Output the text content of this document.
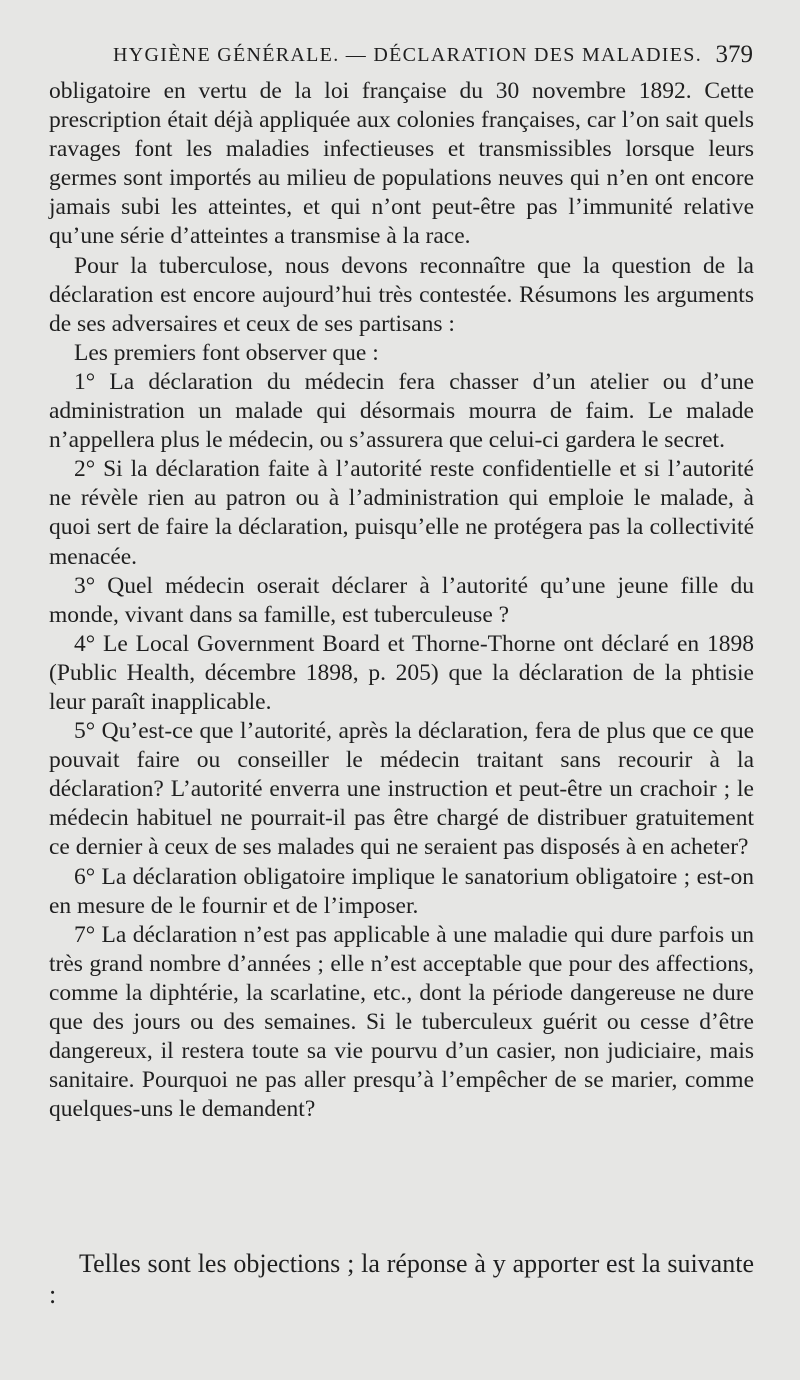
HYGIÈNE GÉNÉRALE. — DÉCLARATION DES MALADIES. 379

obligatoire en vertu de la loi française du 30 novembre 1892. Cette prescription était déjà appliquée aux colonies françaises, car l’on sait quels ravages font les maladies infectieuses et transmissibles lorsque leurs germes sont importés au milieu de populations neuves qui n’en ont encore jamais subi les atteintes, et qui n’ont peut-être pas l’immunité relative qu’une série d’atteintes a transmise à la race.

Pour la tuberculose, nous devons reconnaître que la question de la déclaration est encore aujourd’hui très contestée. Résumons les arguments de ses adversaires et ceux de ses partisans :

Les premiers font observer que :

1° La déclaration du médecin fera chasser d’un atelier ou d’une administration un malade qui désormais mourra de faim. Le malade n’appellera plus le médecin, ou s’assurera que celui-ci gardera le secret.

2° Si la déclaration faite à l’autorité reste confidentielle et si l’autorité ne révèle rien au patron ou à l’administration qui emploie le malade, à quoi sert de faire la déclaration, puisqu’elle ne protégera pas la collectivité menacée.

3° Quel médecin oserait déclarer à l’autorité qu’une jeune fille du monde, vivant dans sa famille, est tuberculeuse ?

4° Le Local Government Board et Thorne-Thorne ont déclaré en 1898 (Public Health, décembre 1898, p. 205) que la déclaration de la phtisie leur paraît inapplicable.

5° Qu’est-ce que l’autorité, après la déclaration, fera de plus que ce que pouvait faire ou conseiller le médecin traitant sans recourir à la déclaration? L’autorité enverra une instruction et peut-être un crachoir ; le médecin habituel ne pourrait-il pas être chargé de distribuer gratuitement ce dernier à ceux de ses malades qui ne seraient pas disposés à en acheter?

6° La déclaration obligatoire implique le sanatorium obligatoire ; est-on en mesure de le fournir et de l’imposer.

7° La déclaration n’est pas applicable à une maladie qui dure parfois un très grand nombre d’années ; elle n’est acceptable que pour des affections, comme la diphtérie, la scarlatine, etc., dont la période dangereuse ne dure que des jours ou des semaines. Si le tuberculeux guérit ou cesse d’être dangereux, il restera toute sa vie pourvu d’un casier, non judiciaire, mais sanitaire. Pourquoi ne pas aller presqu’à l’empêcher de se marier, comme quelques-uns le demandent?

Telles sont les objections ; la réponse à y apporter est la suivante :
